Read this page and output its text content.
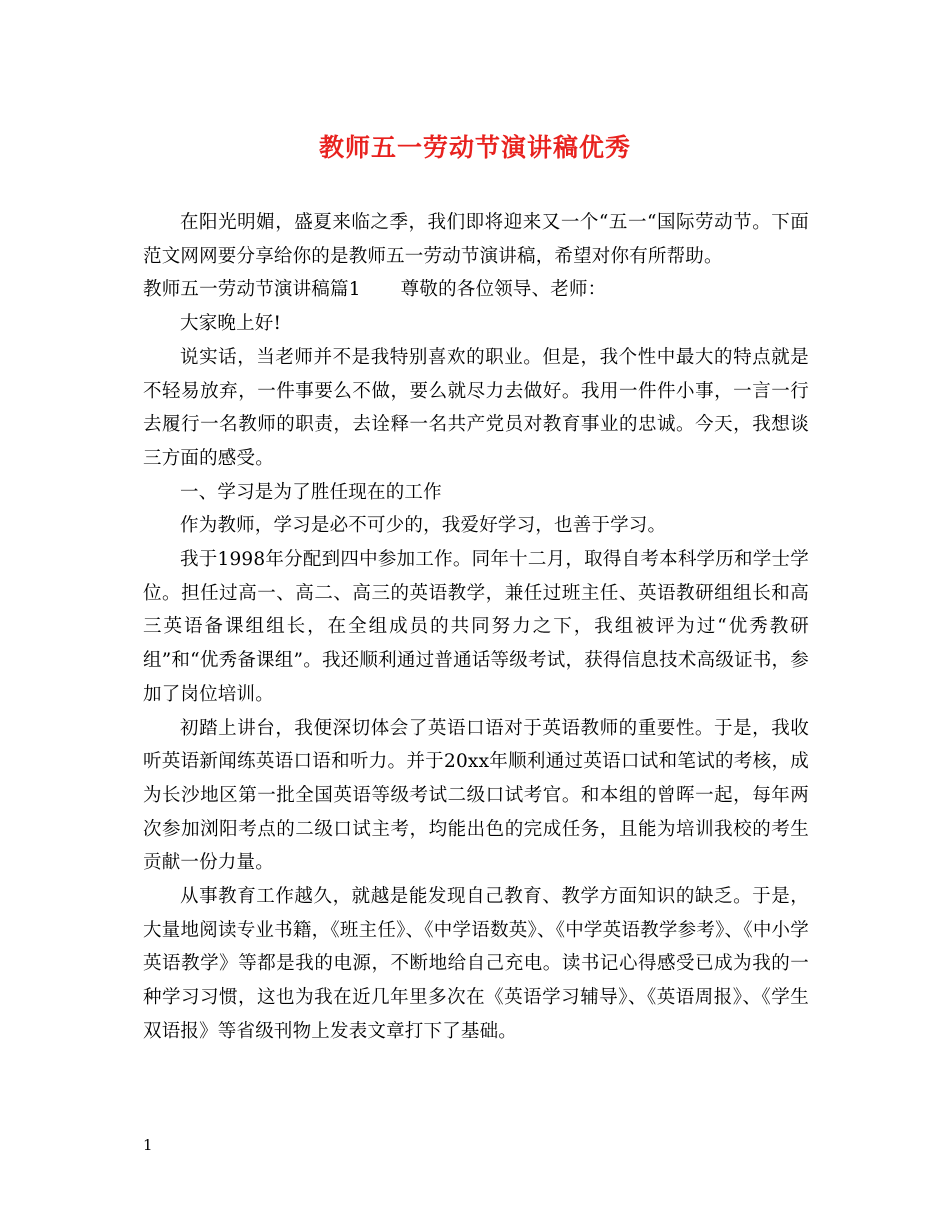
教师五一劳动节演讲稿优秀

在阳光明媚，盛夏来临之季，我们即将迎来又一个“五一“国际劳动节。下面范文网网要分享给你的是教师五一劳动节演讲稿，希望对你有所帮助。

教师五一劳动节演讲稿篇1 尊敬的各位领导、老师：

大家晚上好!

说实话，当老师并不是我特别喜欢的职业。但是，我个性中最大的特点就是不轻易放弃，一件事要么不做，要么就尽力去做好。我用一件件小事，一言一行去履行一名教师的职责，去诠释一名共产党员对教育事业的忠诚。今天，我想谈三方面的感受。

一、学习是为了胜任现在的工作

作为教师，学习是必不可少的，我爱好学习，也善于学习。

我于1998年分配到四中参加工作。同年十二月，取得自考本科学历和学士学位。担任过高一、高二、高三的英语教学，兼任过班主任、英语教研组组长和高三英语备课组组长，在全组成员的共同努力之下，我组被评为过“优秀教研组”和“优秀备课组”。我还顺利通过普通话等级考试，获得信息技术高级证书，参加了岗位培训。

初踏上讲台，我便深切体会了英语口语对于英语教师的重要性。于是，我收听英语新闻练英语口语和听力。并于20xx年顺利通过英语口试和笔试的考核，成为长沙地区第一批全国英语等级考试二级口试考官。和本组的曾晖一起，每年两次参加浏阳考点的二级口试主考，均能出色的完成任务，且能为培训我校的考生贡献一份力量。

从事教育工作越久，就越是能发现自己教育、教学方面知识的缺乏。于是，大量地阅读专业书籍，《班主任》、《中学语数英》、《中学英语教学参考》、《中小学英语教学》等都是我的电源，不断地给自己充电。读书记心得感受已成为我的一种学习习惯，这也为我在近几年里多次在《英语学习辅导》、《英语周报》、《学生双语报》等省级刊物上发表文章打下了基础。

1
